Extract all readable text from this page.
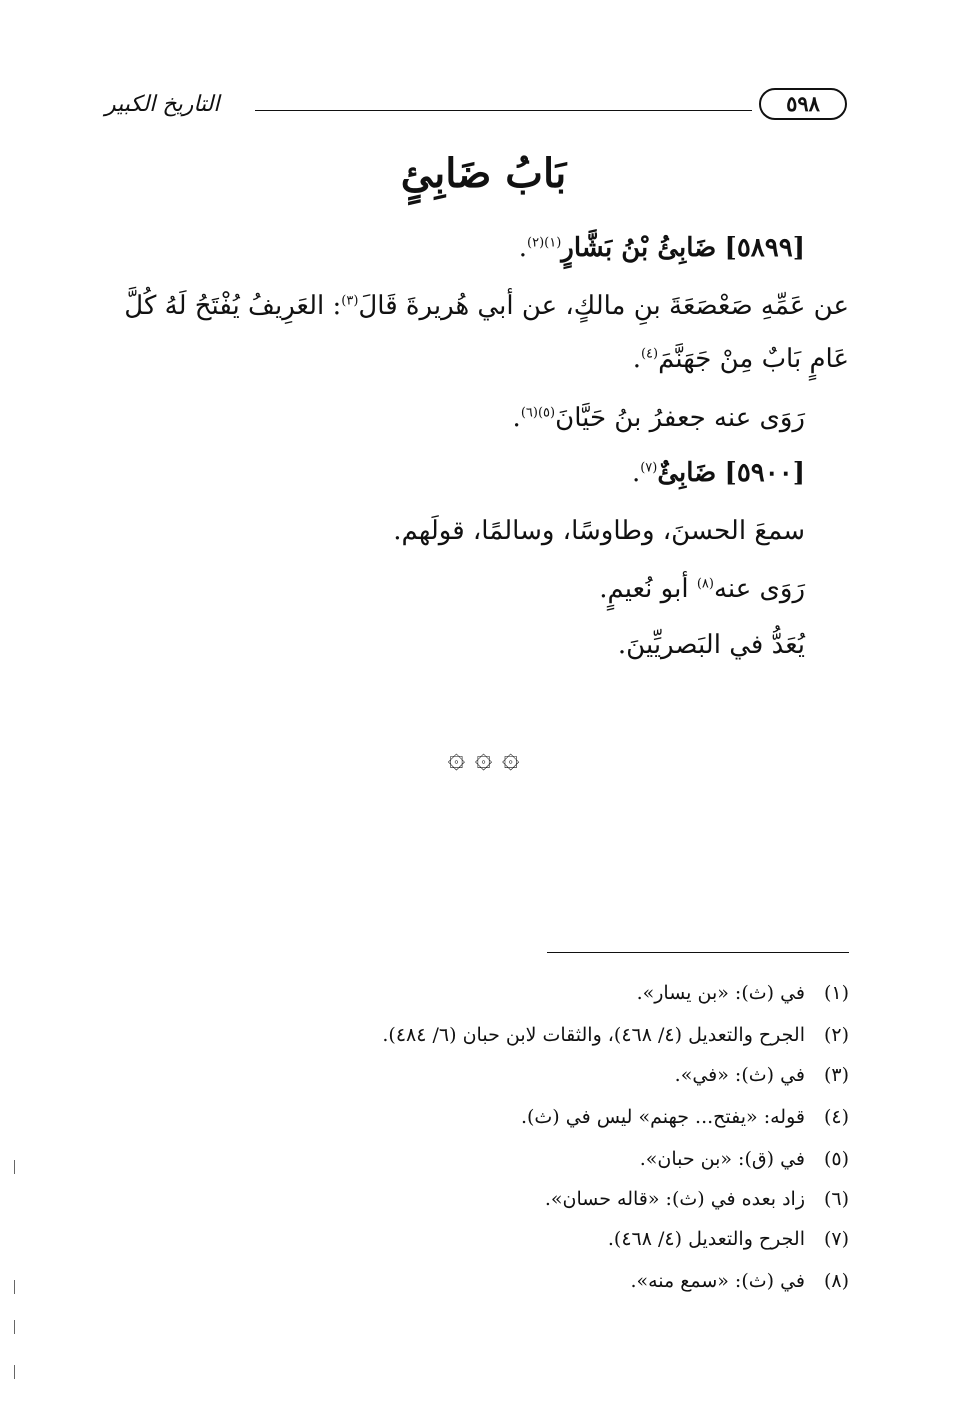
التاريخ الكبير	٥٩٨
بَابُ ضَابِئٍ
[٥٨٩٩] ضَابِئُ بْنُ بَشَّارٍ$^{(١)(٢)}$.
عن عَمِّهِ صَعْصَعَةَ بنِ مالكٍ، عن أبي هُريرةَ قَالَ$^{(٣)}$: العَرِيفُ يُفْتَحُ لَهُ كُلَّ
عَامٍ بَابٌ مِنْ جَهَنَّمَ$^{(٤)}$.
رَوَى عنه جعفرُ بنُ حَيَّانَ$^{(٥)(٦)}$.
[٥٩٠٠] ضَابِئٌ$^{(٧)}$.
سمعَ الحسنَ، وطاوسًا، وسالمًا، قولَهم.
رَوَى عنه$^{(٨)}$ أبو نُعيمٍ.
يُعَدُّ في البَصريِّينَ.
۞ ۞ ۞
(١)في (ث): «بن يسار».
(٢)الجرح والتعديل (٤/ ٤٦٨)، والثقات لابن حبان (٦/ ٤٨٤).
(٣)في (ث): «في».
(٤)قوله: «يفتح... جهنم» ليس في (ث).
(٥)في (ق): «بن حبان».
(٦)زاد بعده في (ث): «قاله حسان».
(٧)الجرح والتعديل (٤/ ٤٦٨).
(٨)في (ث): «سمع منه».
